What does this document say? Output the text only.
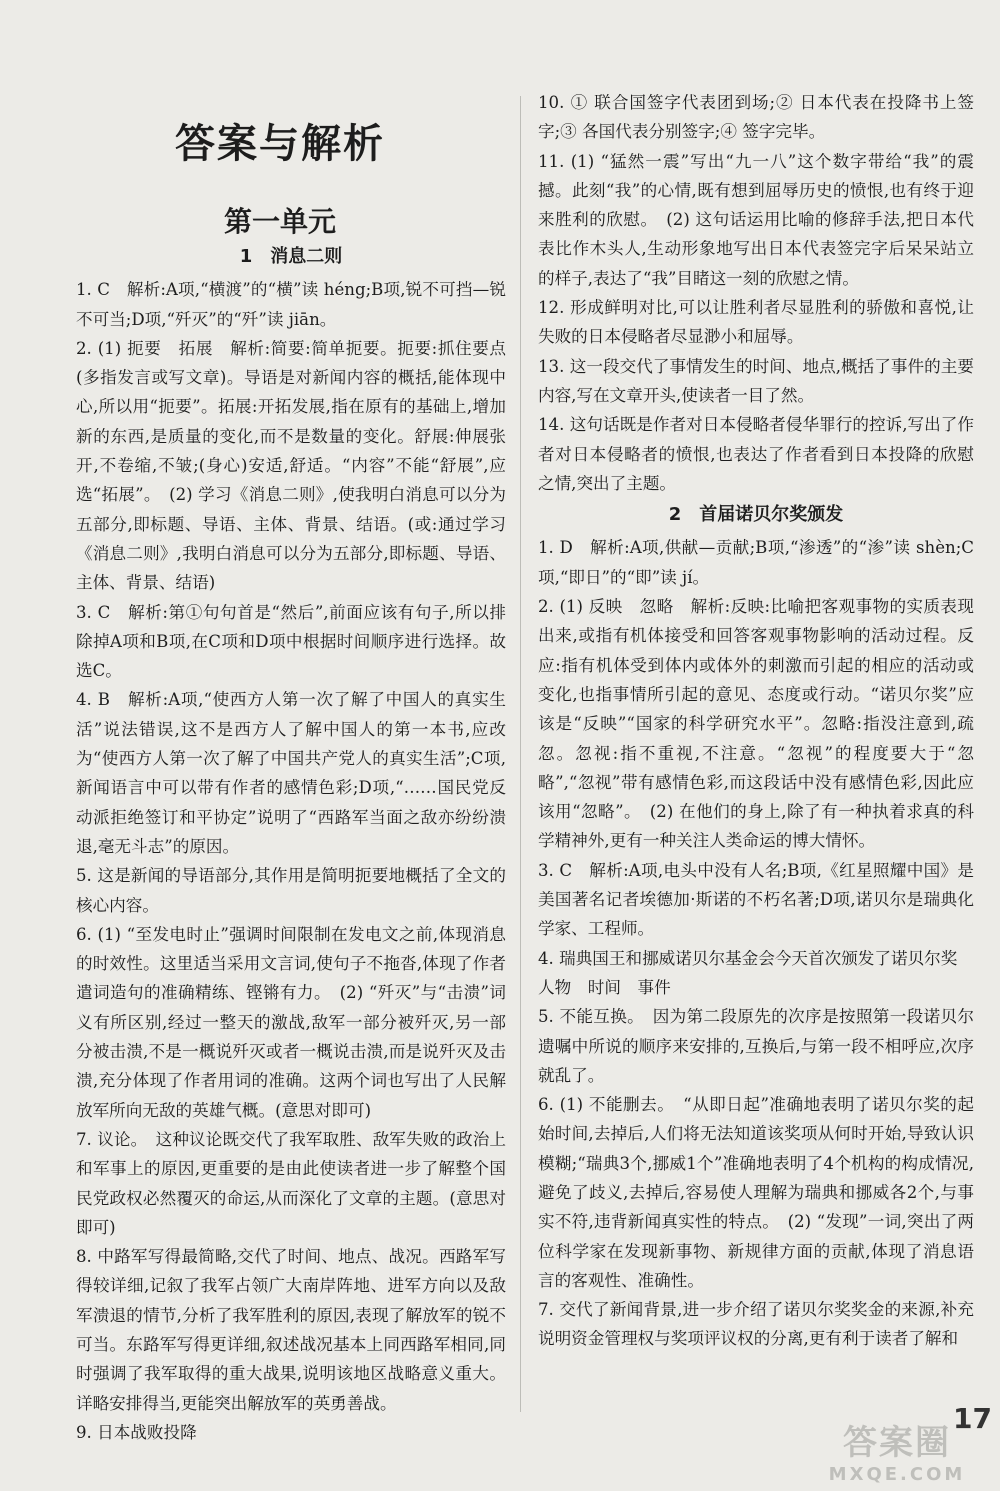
答案与解析
第一单元
1　消息二则

1. C　解析:A项,“横渡”的“横”读 héng;B项,锐不可挡—锐不可当;D项,“歼灭”的“歼”读 jiān。

2. (1) 扼要　拓展　解析:简要:简单扼要。扼要:抓住要点(多指发言或写文章)。导语是对新闻内容的概括,能体现中心,所以用“扼要”。拓展:开拓发展,指在原有的基础上,增加新的东西,是质量的变化,而不是数量的变化。舒展:伸展张开,不卷缩,不皱;(身心)安适,舒适。“内容”不能“舒展”,应选“拓展”。　(2) 学习《消息二则》,使我明白消息可以分为五部分,即标题、导语、主体、背景、结语。(或:通过学习《消息二则》,我明白消息可以分为五部分,即标题、导语、主体、背景、结语)

3. C　解析:第①句句首是“然后”,前面应该有句子,所以排除掉A项和B项,在C项和D项中根据时间顺序进行选择。故选C。

4. B　解析:A项,“使西方人第一次了解了中国人的真实生活”说法错误,这不是西方人了解中国人的第一本书,应改为“使西方人第一次了解了中国共产党人的真实生活”;C项,新闻语言中可以带有作者的感情色彩;D项,“……国民党反动派拒绝签订和平协定”说明了“西路军当面之敌亦纷纷溃退,毫无斗志”的原因。

5. 这是新闻的导语部分,其作用是简明扼要地概括了全文的核心内容。

6. (1) “至发电时止”强调时间限制在发电文之前,体现消息的时效性。这里适当采用文言词,使句子不拖沓,体现了作者遣词造句的准确精练、铿锵有力。　(2) “歼灭”与“击溃”词义有所区别,经过一整天的激战,敌军一部分被歼灭,另一部分被击溃,不是一概说歼灭或者一概说击溃,而是说歼灭及击溃,充分体现了作者用词的准确。这两个词也写出了人民解放军所向无敌的英雄气概。(意思对即可)

7. 议论。　这种议论既交代了我军取胜、敌军失败的政治上和军事上的原因,更重要的是由此使读者进一步了解整个国民党政权必然覆灭的命运,从而深化了文章的主题。(意思对即可)

8. 中路军写得最简略,交代了时间、地点、战况。西路军写得较详细,记叙了我军占领广大南岸阵地、进军方向以及敌军溃退的情节,分析了我军胜利的原因,表现了解放军的锐不可当。东路军写得更详细,叙述战况基本上同西路军相同,同时强调了我军取得的重大战果,说明该地区战略意义重大。详略安排得当,更能突出解放军的英勇善战。

9. 日本战败投降

10. ① 联合国签字代表团到场;② 日本代表在投降书上签字;③ 各国代表分别签字;④ 签字完毕。

11. (1) “猛然一震”写出“九一八”这个数字带给“我”的震撼。此刻“我”的心情,既有想到屈辱历史的愤恨,也有终于迎来胜利的欣慰。　(2) 这句话运用比喻的修辞手法,把日本代表比作木头人,生动形象地写出日本代表签完字后呆呆站立的样子,表达了“我”目睹这一刻的欣慰之情。

12. 形成鲜明对比,可以让胜利者尽显胜利的骄傲和喜悦,让失败的日本侵略者尽显渺小和屈辱。

13. 这一段交代了事情发生的时间、地点,概括了事件的主要内容,写在文章开头,使读者一目了然。

14. 这句话既是作者对日本侵略者侵华罪行的控诉,写出了作者对日本侵略者的愤恨,也表达了作者看到日本投降的欣慰之情,突出了主题。

2　首届诺贝尔奖颁发

1. D　解析:A项,供献—贡献;B项,“渗透”的“渗”读 shèn;C项,“即日”的“即”读 jí。

2. (1) 反映　忽略　解析:反映:比喻把客观事物的实质表现出来,或指有机体接受和回答客观事物影响的活动过程。反应:指有机体受到体内或体外的刺激而引起的相应的活动或变化,也指事情所引起的意见、态度或行动。“诺贝尔奖”应该是“反映”“国家的科学研究水平”。忽略:指没注意到,疏忽。忽视:指不重视,不注意。“忽视”的程度要大于“忽略”,“忽视”带有感情色彩,而这段话中没有感情色彩,因此应该用“忽略”。　(2) 在他们的身上,除了有一种执着求真的科学精神外,更有一种关注人类命运的博大情怀。

3. C　解析:A项,电头中没有人名;B项,《红星照耀中国》是美国著名记者埃德加·斯诺的不朽名著;D项,诺贝尔是瑞典化学家、工程师。

4. 瑞典国王和挪威诺贝尔基金会今天首次颁发了诺贝尔奖

人物　时间　事件

5. 不能互换。　因为第二段原先的次序是按照第一段诺贝尔遗嘱中所说的顺序来安排的,互换后,与第一段不相呼应,次序就乱了。

6. (1) 不能删去。　“从即日起”准确地表明了诺贝尔奖的起始时间,去掉后,人们将无法知道该奖项从何时开始,导致认识模糊;“瑞典3个,挪威1个”准确地表明了4个机构的构成情况,避免了歧义,去掉后,容易使人理解为瑞典和挪威各2个,与事实不符,违背新闻真实性的特点。　(2) “发现”一词,突出了两位科学家在发现新事物、新规律方面的贡献,体现了消息语言的客观性、准确性。

7. 交代了新闻背景,进一步介绍了诺贝尔奖奖金的来源,补充说明资金管理权与奖项评议权的分离,更有利于读者了解和

17
答案圈
MXQE.COM
